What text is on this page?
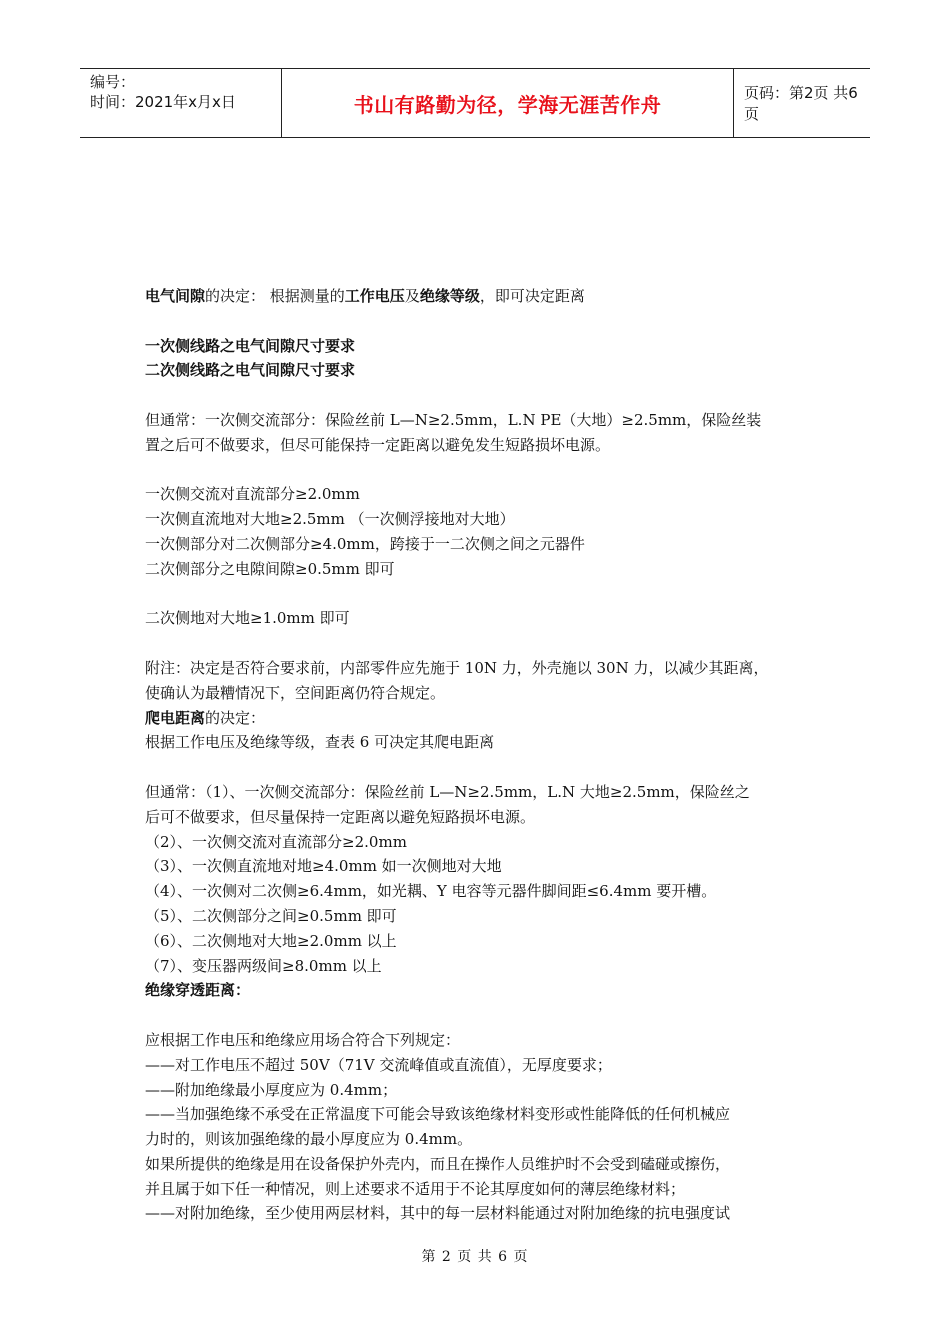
编号：
时间：2021年x月x日	书山有路勤为径，学海无涯苦作舟	页码：第2页 共6页
电气间隙的决定： 根据测量的工作电压及绝缘等级，即可决定距离
一次侧线路之电气间隙尺寸要求
二次侧线路之电气间隙尺寸要求
但通常：一次侧交流部分：保险丝前 L—N≥2.5mm，L.N PE（大地）≥2.5mm，保险丝装
置之后可不做要求，但尽可能保持一定距离以避免发生短路损坏电源。
一次侧交流对直流部分≥2.0mm
一次侧直流地对大地≥2.5mm （一次侧浮接地对大地）
一次侧部分对二次侧部分≥4.0mm，跨接于一二次侧之间之元器件
二次侧部分之电隙间隙≥0.5mm 即可
二次侧地对大地≥1.0mm 即可
附注：决定是否符合要求前，内部零件应先施于 10N 力，外壳施以 30N 力，以减少其距离，
使确认为最糟情况下，空间距离仍符合规定。
爬电距离的决定：
根据工作电压及绝缘等级，查表 6 可决定其爬电距离
但通常：（1）、一次侧交流部分：保险丝前 L—N≥2.5mm，L.N 大地≥2.5mm，保险丝之
后可不做要求，但尽量保持一定距离以避免短路损坏电源。
（2）、一次侧交流对直流部分≥2.0mm
（3）、一次侧直流地对地≥4.0mm 如一次侧地对大地
（4）、一次侧对二次侧≥6.4mm，如光耦、Y 电容等元器件脚间距≤6.4mm 要开槽。
（5）、二次侧部分之间≥0.5mm 即可
（6）、二次侧地对大地≥2.0mm 以上
（7）、变压器两级间≥8.0mm 以上
绝缘穿透距离：
应根据工作电压和绝缘应用场合符合下列规定：
——对工作电压不超过 50V（71V 交流峰值或直流值），无厚度要求；
——附加绝缘最小厚度应为 0.4mm；
——当加强绝缘不承受在正常温度下可能会导致该绝缘材料变形或性能降低的任何机械应
力时的，则该加强绝缘的最小厚度应为 0.4mm。
如果所提供的绝缘是用在设备保护外壳内，而且在操作人员维护时不会受到磕碰或擦伤，
并且属于如下任一种情况，则上述要求不适用于不论其厚度如何的薄层绝缘材料；
——对附加绝缘，至少使用两层材料，其中的每一层材料能通过对附加绝缘的抗电强度试
第 2 页 共 6 页
